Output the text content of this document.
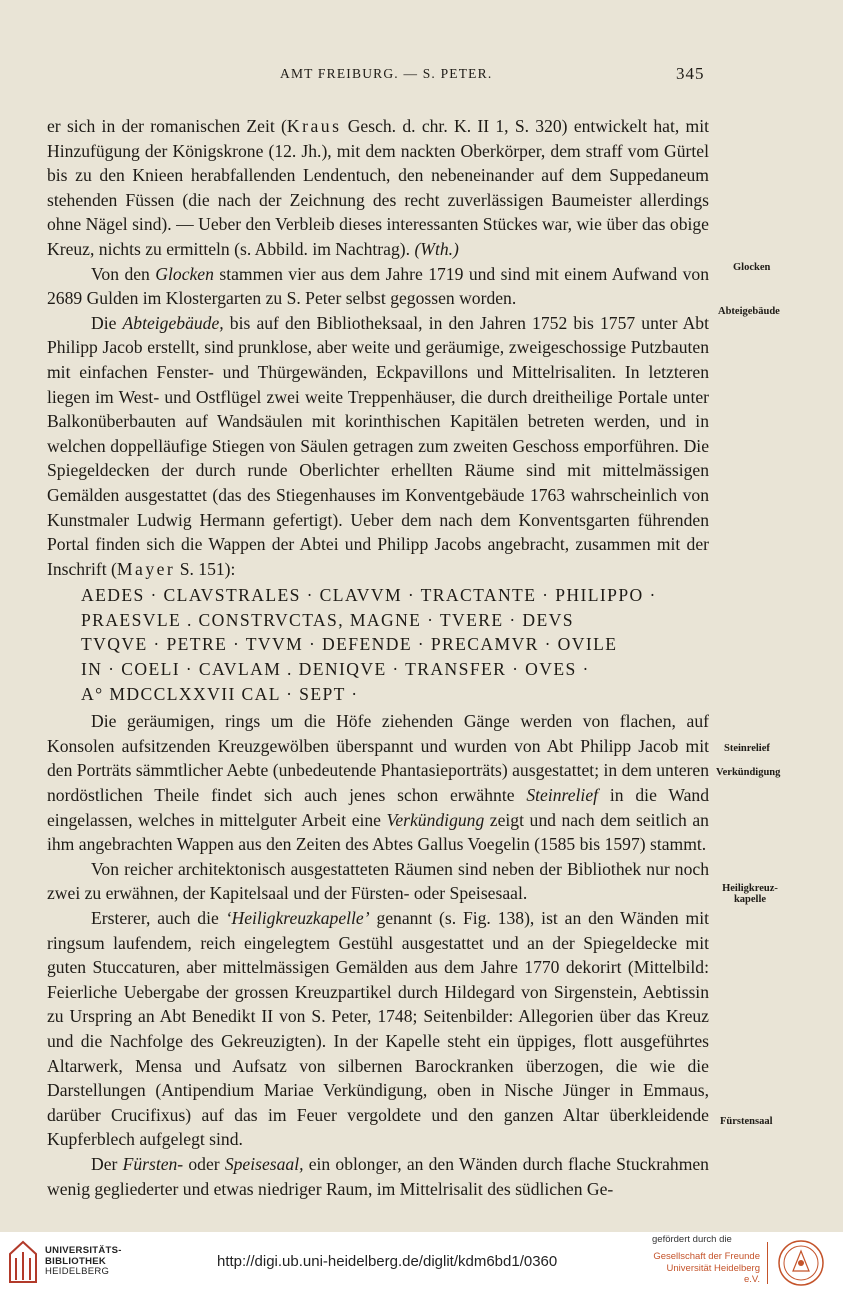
AMT FREIBURG. — S. PETER.	345

er sich in der romanischen Zeit (Kraus Gesch. d. chr. K. II 1, S. 320) entwickelt hat, mit Hinzufügung der Königskrone (12. Jh.), mit dem nackten Oberkörper, dem straff vom Gürtel bis zu den Knieen herabfallenden Lendentuch, den nebeneinander auf dem Suppedaneum stehenden Füssen (die nach der Zeichnung des recht zuverlässigen Baumeister allerdings ohne Nägel sind). — Ueber den Verbleib dieses interessanten Stückes war, wie über das obige Kreuz, nichts zu ermitteln (s. Abbild. im Nachtrag). (Wth.)

Von den Glocken stammen vier aus dem Jahre 1719 und sind mit einem Aufwand von 2689 Gulden im Klostergarten zu S. Peter selbst gegossen worden.

Die Abteigebäude, bis auf den Bibliotheksaal, in den Jahren 1752 bis 1757 unter Abt Philipp Jacob erstellt, sind prunklose, aber weite und geräumige, zweigeschossige Putzbauten mit einfachen Fenster- und Thürgewänden, Eckpavillons und Mittelrisaliten. In letzteren liegen im West- und Ostflügel zwei weite Treppenhäuser, die durch dreitheilige Portale unter Balkonüberbauten auf Wandsäulen mit korinthischen Kapitälen betreten werden, und in welchen doppelläufige Stiegen von Säulen getragen zum zweiten Geschoss emporführen. Die Spiegeldecken der durch runde Oberlichter erhellten Räume sind mit mittelmässigen Gemälden ausgestattet (das des Stiegenhauses im Konventgebäude 1763 wahrscheinlich von Kunstmaler Ludwig Hermann gefertigt). Ueber dem nach dem Konventsgarten führenden Portal finden sich die Wappen der Abtei und Philipp Jacobs angebracht, zusammen mit der Inschrift (Mayer S. 151):

AEDES · CLAVSTRALES · CLAVVM · TRACTANTE · PHILIPPO ·
PRAESVLE . CONSTRVCTAS, MAGNE · TVERE · DEVS
TVQVE · PETRE · TVVM · DEFENDE · PRECAMVR · OVILE
IN · COELI · CAVLAM . DENIQVE · TRANSFER · OVES ·
A° MDCCLXXVII CAL · SEPT ·

Die geräumigen, rings um die Höfe ziehenden Gänge werden von flachen, auf Konsolen aufsitzenden Kreuzgewölben überspannt und wurden von Abt Philipp Jacob mit den Porträts sämmtlicher Aebte (unbedeutende Phantasieporträts) ausgestattet; in dem unteren nordöstlichen Theile findet sich auch jenes schon erwähnte Steinrelief in die Wand eingelassen, welches in mittelguter Arbeit eine Verkündigung zeigt und nach dem seitlich an ihm angebrachten Wappen aus den Zeiten des Abtes Gallus Voegelin (1585 bis 1597) stammt.

Von reicher architektonisch ausgestatteten Räumen sind neben der Bibliothek nur noch zwei zu erwähnen, der Kapitelsaal und der Fürsten- oder Speisesaal.

Ersterer, auch die ‘Heiligkreuzkapelle’ genannt (s. Fig. 138), ist an den Wänden mit ringsum laufendem, reich eingelegtem Gestühl ausgestattet und an der Spiegeldecke mit guten Stuccaturen, aber mittelmässigen Gemälden aus dem Jahre 1770 dekorirt (Mittelbild: Feierliche Uebergabe der grossen Kreuzpartikel durch Hildegard von Sirgenstein, Aebtissin zu Urspring an Abt Benedikt II von S. Peter, 1748; Seitenbilder: Allegorien über das Kreuz und die Nachfolge des Gekreuzigten). In der Kapelle steht ein üppiges, flott ausgeführtes Altarwerk, Mensa und Aufsatz von silbernen Barockranken überzogen, die wie die Darstellungen (Antipendium Mariae Verkündigung, oben in Nische Jünger in Emmaus, darüber Crucifixus) auf das im Feuer vergoldete und den ganzen Altar überkleidende Kupferblech aufgelegt sind.

Der Fürsten- oder Speisesaal, ein oblonger, an den Wänden durch flache Stuckrahmen wenig gegliederter und etwas niedriger Raum, im Mittelrisalit des südlichen Ge-

Glocken
Abteigebäude
Steinrelief
Verkündigung
Heiligkreuz-
kapelle
Fürstensaal
UNIVERSITÄTS-
BIBLIOTHEK
HEIDELBERG
http://digi.ub.uni-heidelberg.de/diglit/kdm6bd1/0360
gefördert durch die
Gesellschaft der Freunde
Universität Heidelberg e.V.
